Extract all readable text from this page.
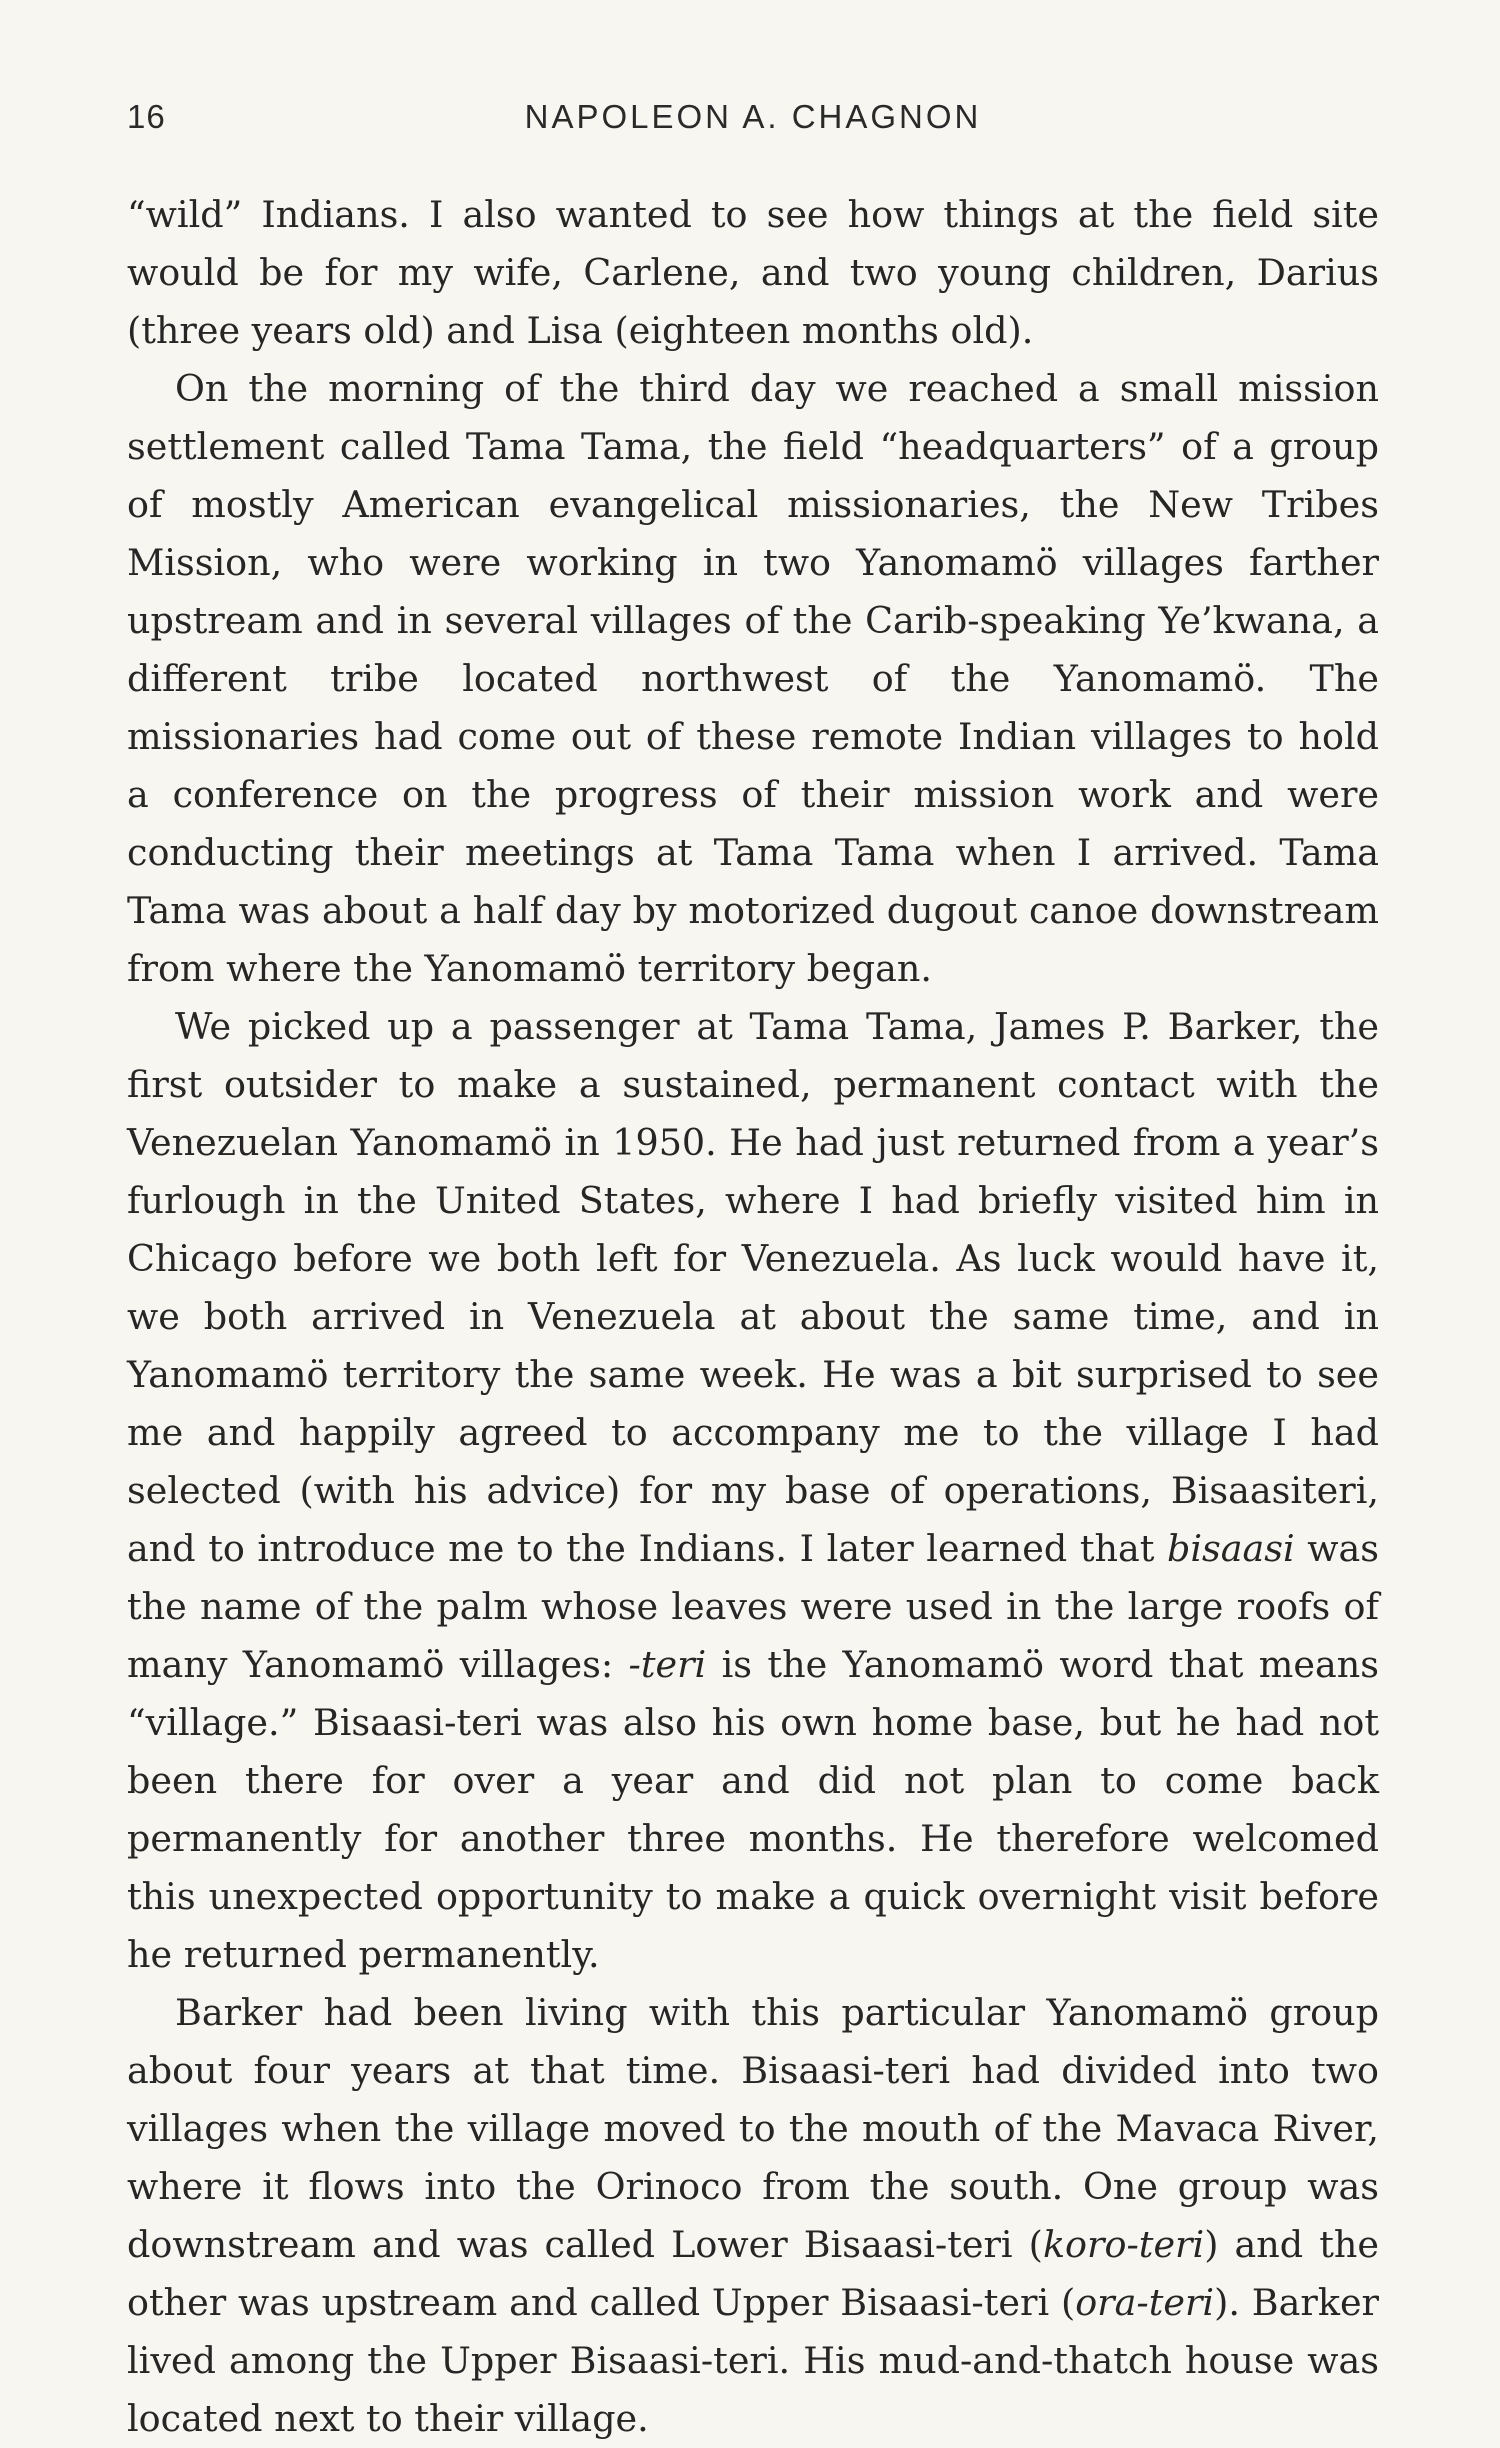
16	NAPOLEON A. CHAGNON

“wild” Indians. I also wanted to see how things at the field site would be for my wife, Carlene, and two young children, Darius (three years old) and Lisa (eighteen months old).

On the morning of the third day we reached a small mission settlement called Tama Tama, the field “headquarters” of a group of mostly American evangelical missionaries, the New Tribes Mission, who were working in two Yanomamö villages farther upstream and in several villages of the Carib-speaking Ye’kwana, a different tribe located northwest of the Yanomamö. The missionaries had come out of these remote Indian villages to hold a conference on the progress of their mission work and were conducting their meetings at Tama Tama when I arrived. Tama Tama was about a half day by motorized dugout canoe downstream from where the Yanomamö territory began.

We picked up a passenger at Tama Tama, James P. Barker, the first outsider to make a sustained, permanent contact with the Venezuelan Yanomamö in 1950. He had just returned from a year’s furlough in the United States, where I had briefly visited him in Chicago before we both left for Venezuela. As luck would have it, we both arrived in Venezuela at about the same time, and in Yanomamö territory the same week. He was a bit surprised to see me and happily agreed to accompany me to the village I had selected (with his advice) for my base of operations, Bisaasiteri, and to introduce me to the Indians. I later learned that bisaasi was the name of the palm whose leaves were used in the large roofs of many Yanomamö villages: -teri is the Yanomamö word that means “village.” Bisaasi-teri was also his own home base, but he had not been there for over a year and did not plan to come back permanently for another three months. He therefore welcomed this unexpected opportunity to make a quick overnight visit before he returned permanently.

Barker had been living with this particular Yanomamö group about four years at that time. Bisaasi-teri had divided into two villages when the village moved to the mouth of the Mavaca River, where it flows into the Orinoco from the south. One group was downstream and was called Lower Bisaasi-teri (koro-teri) and the other was upstream and called Upper Bisaasi-teri (ora-teri). Barker lived among the Upper Bisaasi-teri. His mud-and-thatch house was located next to their village.
